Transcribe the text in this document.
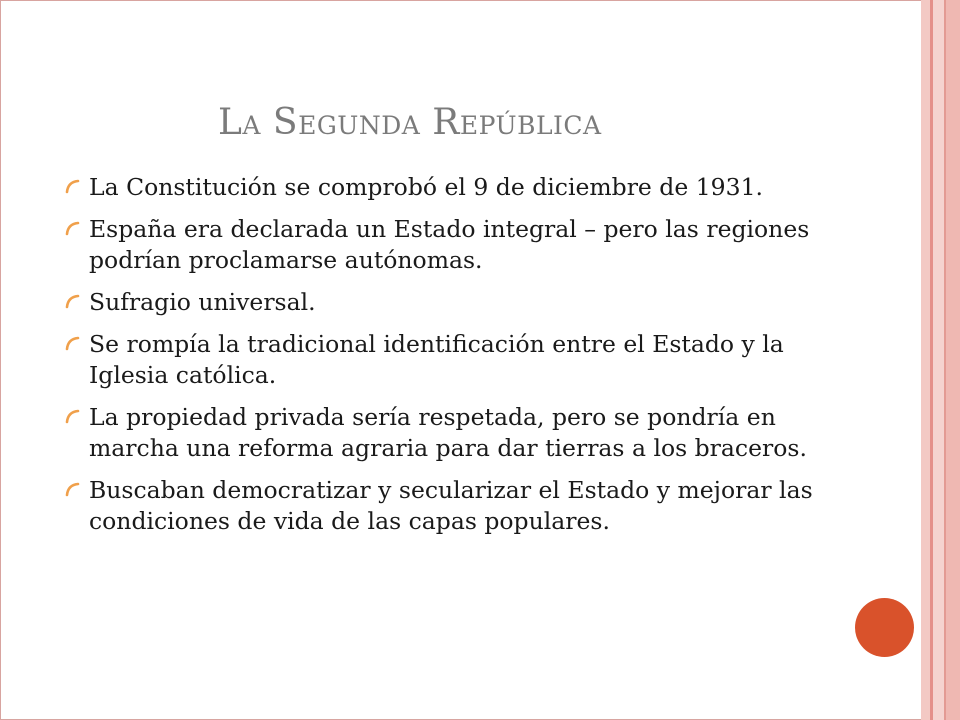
La Segunda República
La Constitución se comprobó el 9 de diciembre de 1931.
España era declarada un Estado integral – pero las regiones podrían proclamarse autónomas.
Sufragio universal.
Se rompía la tradicional identificación entre el Estado y la Iglesia católica.
La propiedad privada sería respetada, pero se pondría en marcha una reforma agraria para dar tierras a los braceros.
Buscaban democratizar y secularizar el Estado y mejorar las condiciones de vida de las capas populares.
